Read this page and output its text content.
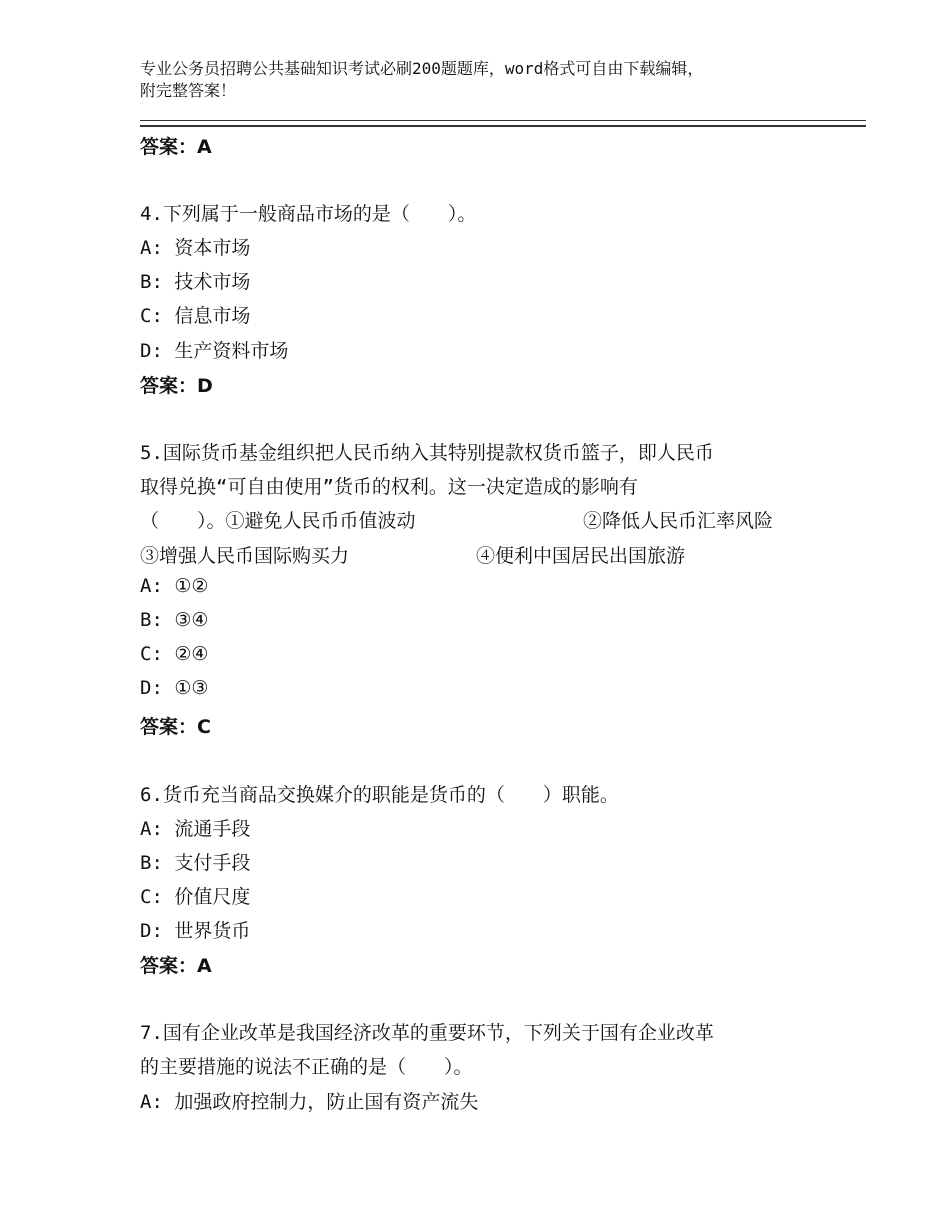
专业公务员招聘公共基础知识考试必刷200题题库，word格式可自由下载编辑，
附完整答案！
答案：A
4.下列属于一般商品市场的是（　　）。
A: 资本市场
B: 技术市场
C: 信息市场
D: 生产资料市场
答案：D
5.国际货币基金组织把人民币纳入其特别提款权货币篮子，即人民币
取得兑换“可自由使用”货币的权利。这一决定造成的影响有
（　　）。①避免人民币币值波动	②降低人民币汇率风险
③增强人民币国际购买力	④便利中国居民出国旅游
A: ①②
B: ③④
C: ②④
D: ①③
答案：C
6.货币充当商品交换媒介的职能是货币的（　　）职能。
A: 流通手段
B: 支付手段
C: 价值尺度
D: 世界货币
答案：A
7.国有企业改革是我国经济改革的重要环节，下列关于国有企业改革
的主要措施的说法不正确的是（　　）。
A: 加强政府控制力，防止国有资产流失
